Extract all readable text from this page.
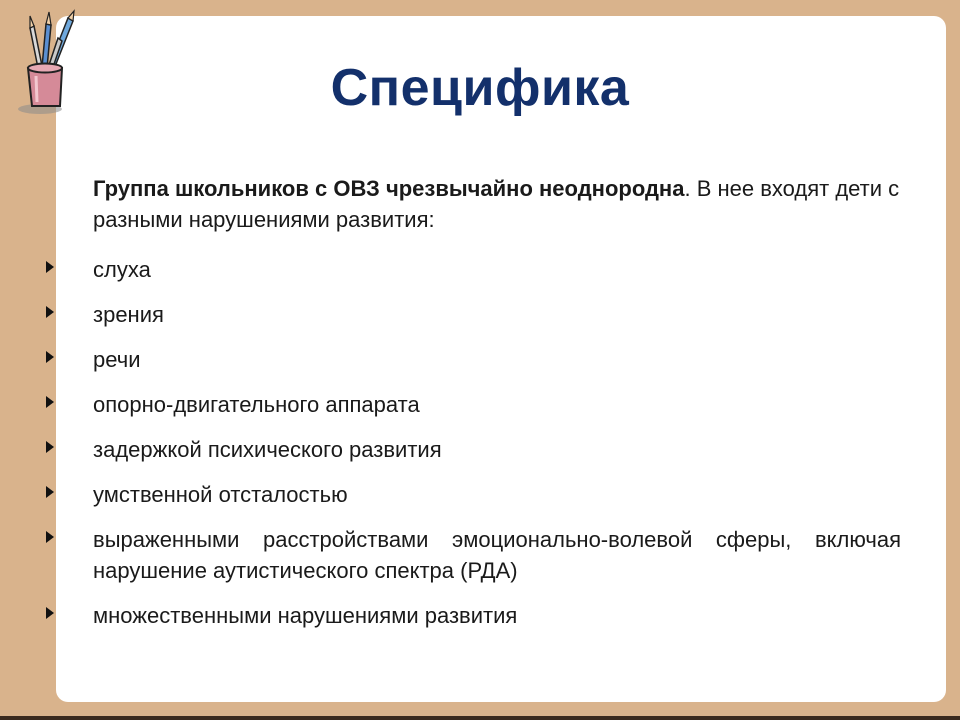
Специфика

Группа школьников с ОВЗ чрезвычайно неоднородна. В нее входят дети с разными нарушениями развития:

слуха
зрения
речи
опорно-двигательного аппарата
задержкой психического развития
умственной отсталостью
выраженными расстройствами эмоционально-волевой сферы, включая нарушение аутистического спектра (РДА)
множественными нарушениями развития
